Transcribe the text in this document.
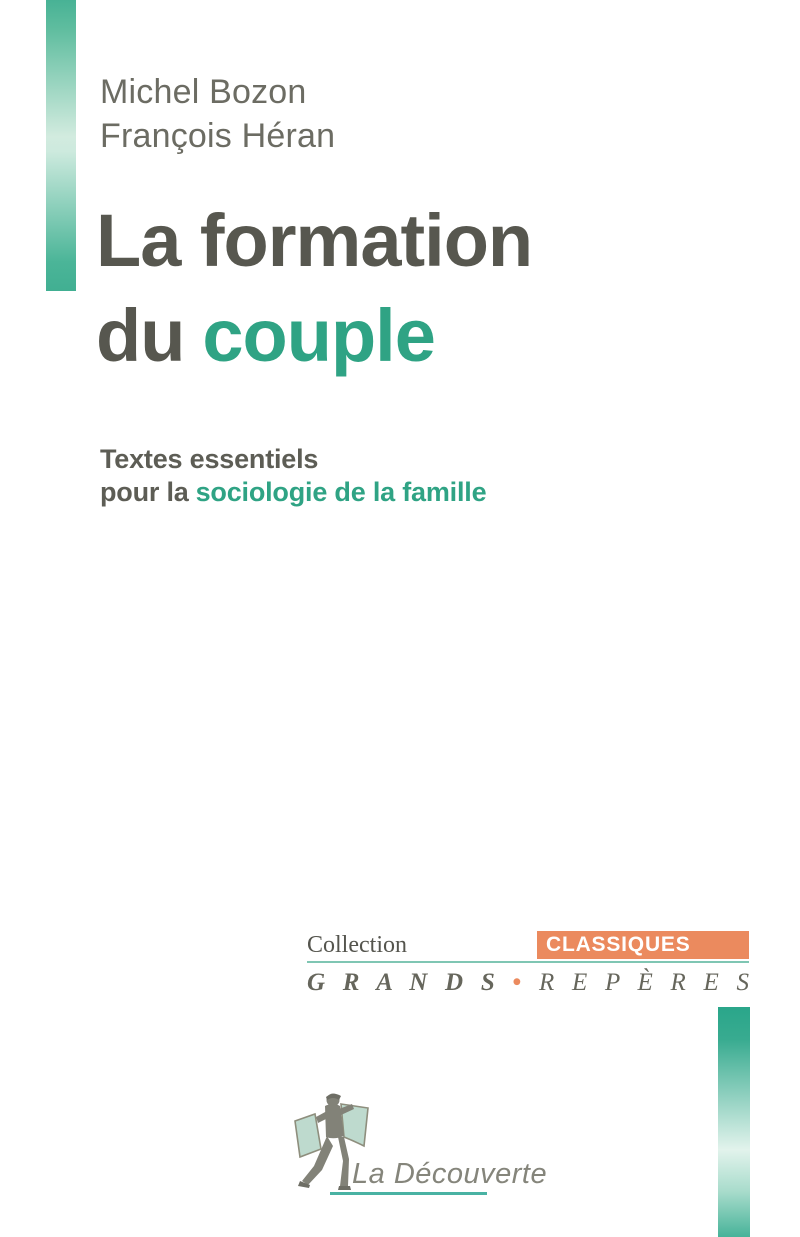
Michel Bozon
François Héran
La formation
du couple
Textes essentiels
pour la sociologie de la famille
Collection	CLASSIQUES
G R A N D S • R E P È R E S
La Découverte
